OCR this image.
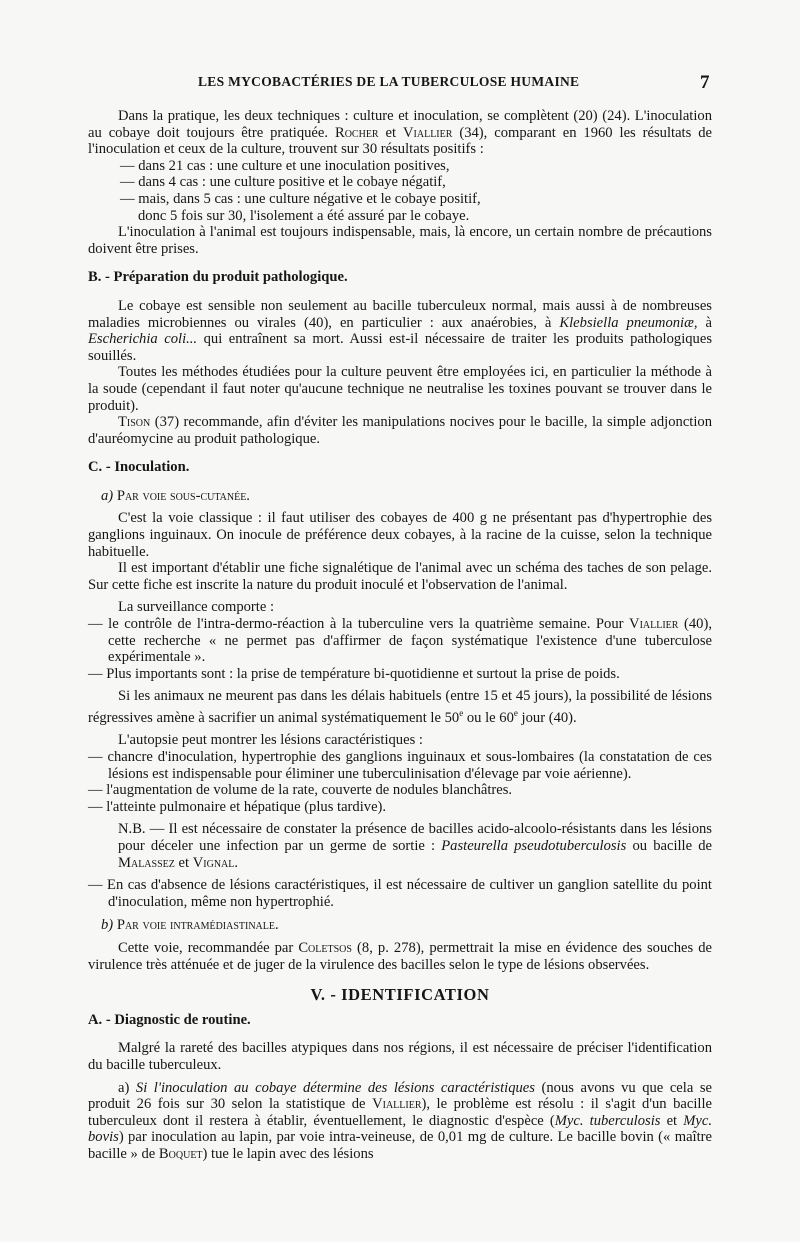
LES MYCOBACTÉRIES DE LA TUBERCULOSE HUMAINE	7

Dans la pratique, les deux techniques : culture et inoculation, se complètent (20) (24). L'inoculation au cobaye doit toujours être pratiquée. Rocher et Viallier (34), comparant en 1960 les résultats de l'inoculation et ceux de la culture, trouvent sur 30 résultats positifs :

— dans 21 cas : une culture et une inoculation positives,

— dans 4 cas : une culture positive et le cobaye négatif,

— mais, dans 5 cas : une culture négative et le cobaye positif,

donc 5 fois sur 30, l'isolement a été assuré par le cobaye.

L'inoculation à l'animal est toujours indispensable, mais, là encore, un certain nombre de précautions doivent être prises.

B. - Préparation du produit pathologique.

Le cobaye est sensible non seulement au bacille tuberculeux normal, mais aussi à de nombreuses maladies microbiennes ou virales (40), en particulier : aux anaérobies, à Klebsiella pneumoniæ, à Escherichia coli... qui entraînent sa mort. Aussi est-il nécessaire de traiter les produits pathologiques souillés.

Toutes les méthodes étudiées pour la culture peuvent être employées ici, en particulier la méthode à la soude (cependant il faut noter qu'aucune technique ne neutralise les toxines pouvant se trouver dans le produit).

Tison (37) recommande, afin d'éviter les manipulations nocives pour le bacille, la simple adjonction d'auréomycine au produit pathologique.

C. - Inoculation.

a) Par voie sous-cutanée.

C'est la voie classique : il faut utiliser des cobayes de 400 g ne présentant pas d'hypertrophie des ganglions inguinaux. On inocule de préférence deux cobayes, à la racine de la cuisse, selon la technique habituelle.

Il est important d'établir une fiche signalétique de l'animal avec un schéma des taches de son pelage. Sur cette fiche est inscrite la nature du produit inoculé et l'observation de l'animal.

La surveillance comporte :

— le contrôle de l'intra-dermo-réaction à la tuberculine vers la quatrième semaine. Pour Viallier (40), cette recherche « ne permet pas d'affirmer de façon systématique l'existence d'une tuberculose expérimentale ».

— Plus importants sont : la prise de température bi-quotidienne et surtout la prise de poids.

Si les animaux ne meurent pas dans les délais habituels (entre 15 et 45 jours), la possibilité de lésions régressives amène à sacrifier un animal systématiquement le 50e ou le 60e jour (40).

L'autopsie peut montrer les lésions caractéristiques :

— chancre d'inoculation, hypertrophie des ganglions inguinaux et sous-lombaires (la constatation de ces lésions est indispensable pour éliminer une tuberculinisation d'élevage par voie aérienne).

— l'augmentation de volume de la rate, couverte de nodules blanchâtres.

— l'atteinte pulmonaire et hépatique (plus tardive).

N.B. — Il est nécessaire de constater la présence de bacilles acido-alcoolo-résistants dans les lésions pour déceler une infection par un germe de sortie : Pasteurella pseudotuberculosis ou bacille de Malassez et Vignal.

— En cas d'absence de lésions caractéristiques, il est nécessaire de cultiver un ganglion satellite du point d'inoculation, même non hypertrophié.

b) Par voie intramédiastinale.

Cette voie, recommandée par Coletsos (8, p. 278), permettrait la mise en évidence des souches de virulence très atténuée et de juger de la virulence des bacilles selon le type de lésions observées.

V. - IDENTIFICATION

A. - Diagnostic de routine.

Malgré la rareté des bacilles atypiques dans nos régions, il est nécessaire de préciser l'identification du bacille tuberculeux.

a) Si l'inoculation au cobaye détermine des lésions caractéristiques (nous avons vu que cela se produit 26 fois sur 30 selon la statistique de Viallier), le problème est résolu : il s'agit d'un bacille tuberculeux dont il restera à établir, éventuellement, le diagnostic d'espèce (Myc. tuberculosis et Myc. bovis) par inoculation au lapin, par voie intra-veineuse, de 0,01 mg de culture. Le bacille bovin (« maître bacille » de Boquet) tue le lapin avec des lésions
